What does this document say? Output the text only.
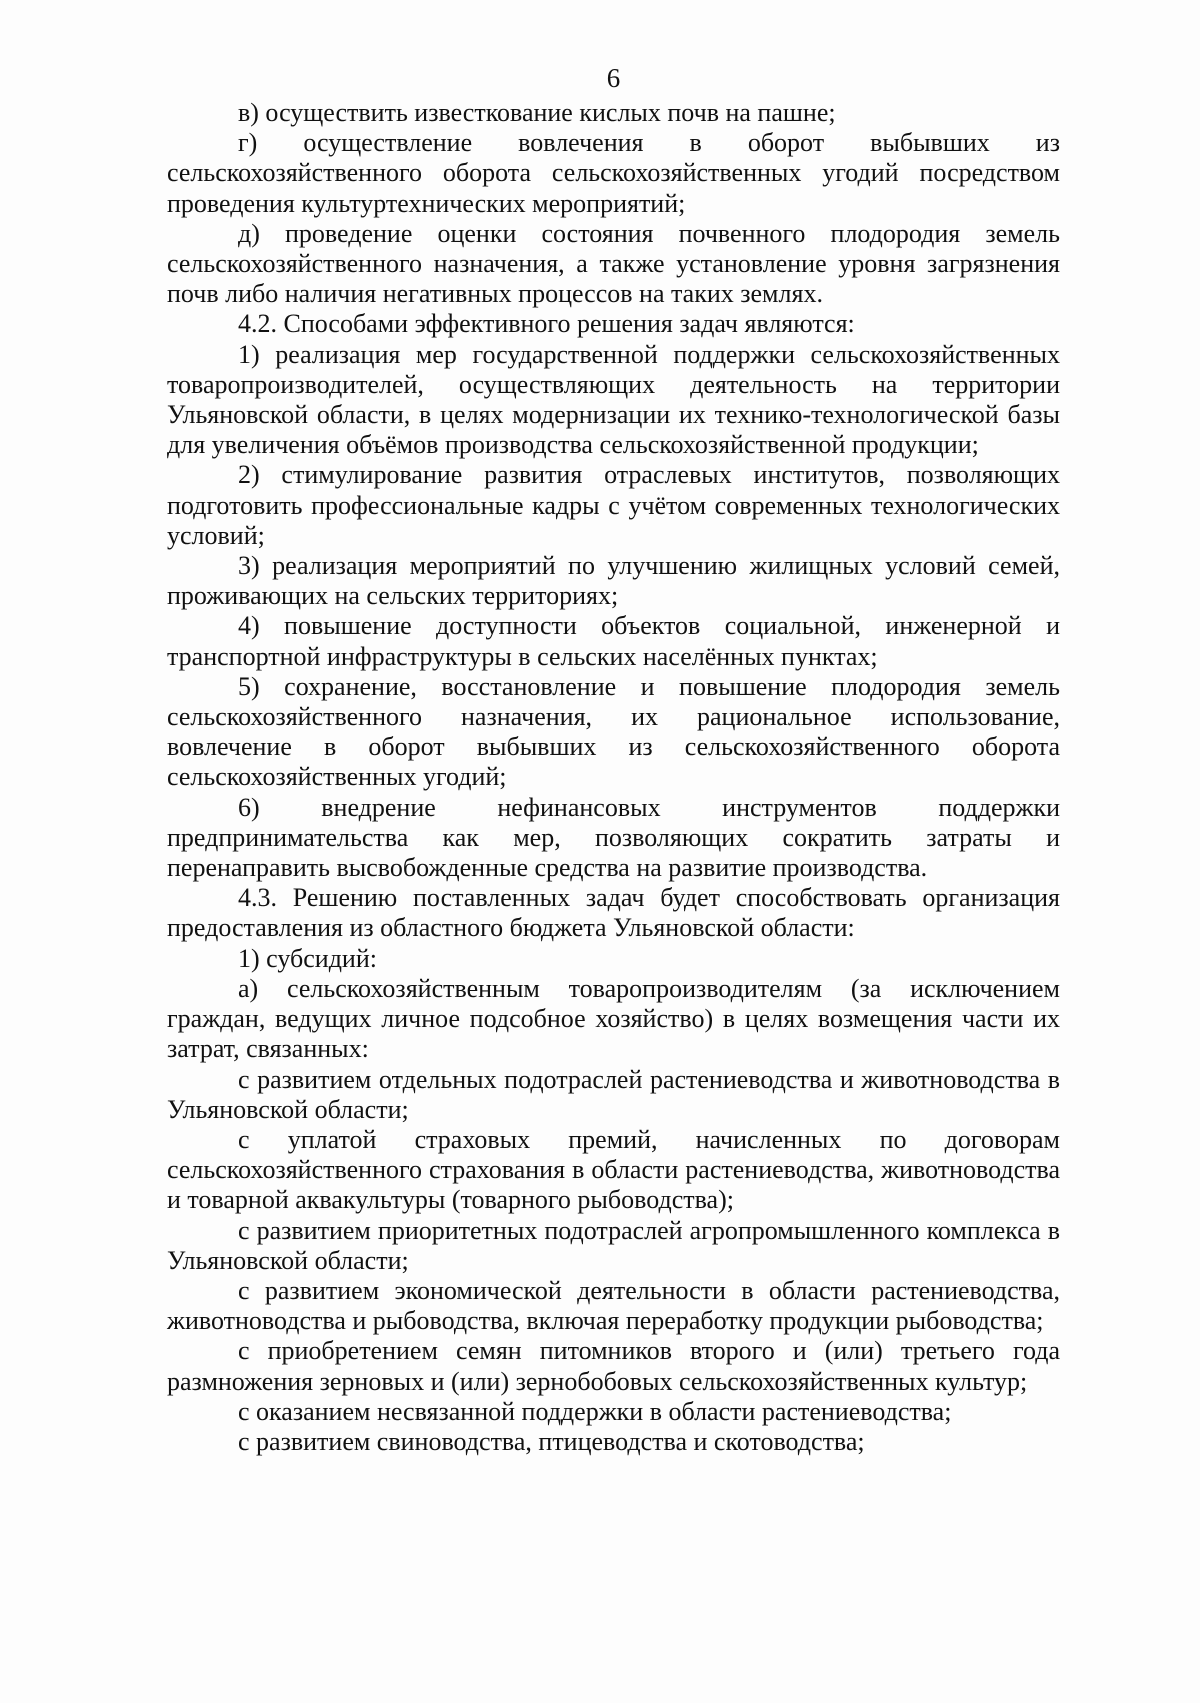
6

в) осуществить известкование кислых почв на пашне;

г) осуществление вовлечения в оборот выбывших из сельскохозяйственного оборота сельскохозяйственных угодий посредством проведения культуртехнических мероприятий;

д) проведение оценки состояния почвенного плодородия земель сельскохозяйственного назначения, а также установление уровня загрязнения почв либо наличия негативных процессов на таких землях.

4.2. Способами эффективного решения задач являются:

1) реализация мер государственной поддержки сельскохозяйственных товаропроизводителей, осуществляющих деятельность на территории Ульяновской области, в целях модернизации их технико-технологической базы для увеличения объёмов производства сельскохозяйственной продукции;

2) стимулирование развития отраслевых институтов, позволяющих подготовить профессиональные кадры с учётом современных технологических условий;

3) реализация мероприятий по улучшению жилищных условий семей, проживающих на сельских территориях;

4) повышение доступности объектов социальной, инженерной и транспортной инфраструктуры в сельских населённых пунктах;

5) сохранение, восстановление и повышение плодородия земель сельскохозяйственного назначения, их рациональное использование, вовлечение в оборот выбывших из сельскохозяйственного оборота сельскохозяйственных угодий;

6) внедрение нефинансовых инструментов поддержки предпринимательства как мер, позволяющих сократить затраты и перенаправить высвобожденные средства на развитие производства.

4.3. Решению поставленных задач будет способствовать организация предоставления из областного бюджета Ульяновской области:

1) субсидий:

а) сельскохозяйственным товаропроизводителям (за исключением граждан, ведущих личное подсобное хозяйство) в целях возмещения части их затрат, связанных:

с развитием отдельных подотраслей растениеводства и животноводства в Ульяновской области;

с уплатой страховых премий, начисленных по договорам сельскохозяйственного страхования в области растениеводства, животноводства и товарной аквакультуры (товарного рыбоводства);

с развитием приоритетных подотраслей агропромышленного комплекса в Ульяновской области;

с развитием экономической деятельности в области растениеводства, животноводства и рыбоводства, включая переработку продукции рыбоводства;

с приобретением семян питомников второго и (или) третьего года размножения зерновых и (или) зернобобовых сельскохозяйственных культур;

с оказанием несвязанной поддержки в области растениеводства;

с развитием свиноводства, птицеводства и скотоводства;
